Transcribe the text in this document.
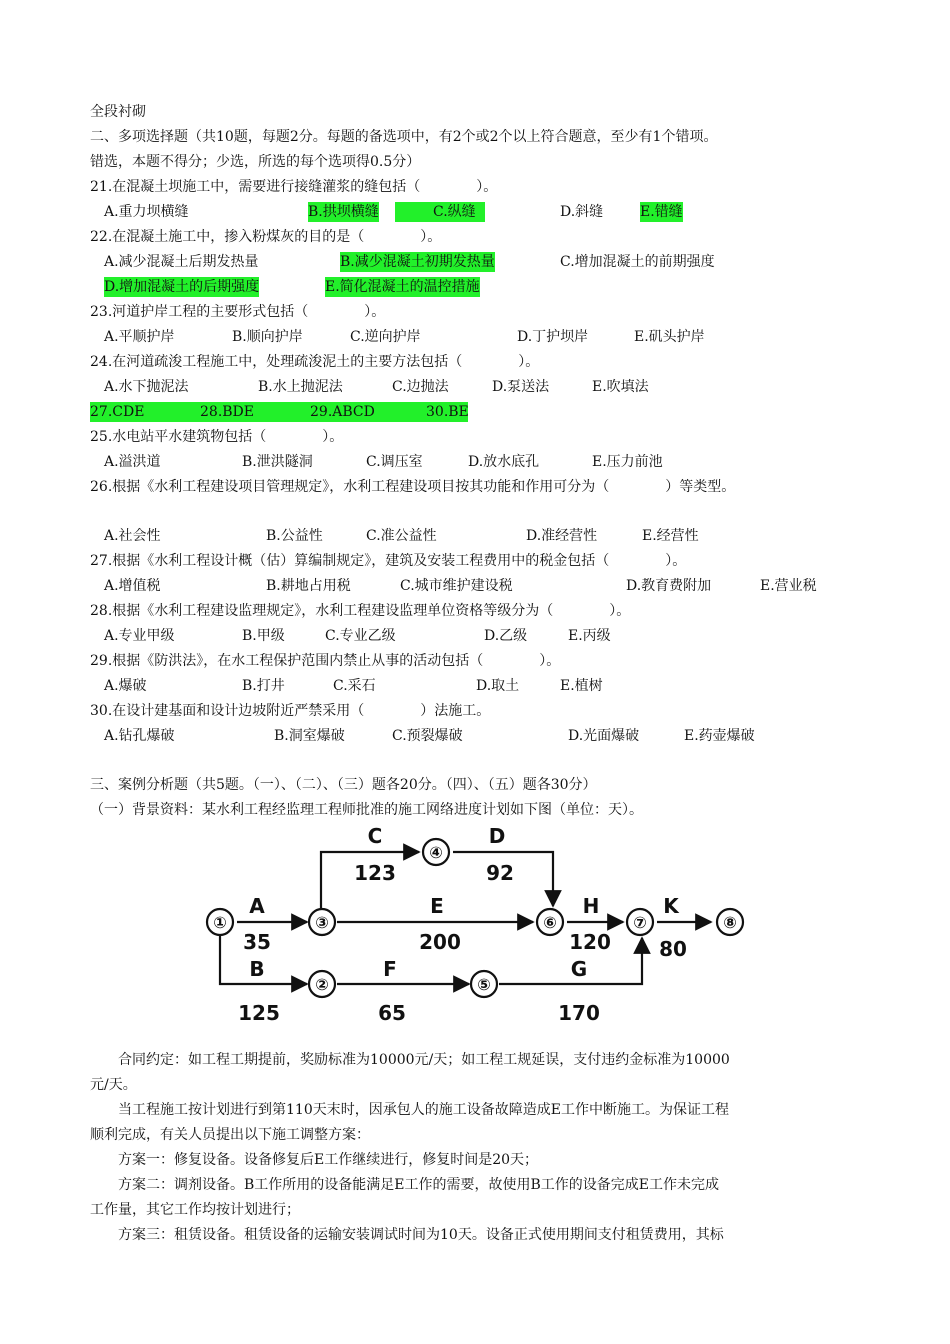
全段衬砌
二、多项选择题（共10题，每题2分。每题的备选项中，有2个或2个以上符合题意，至少有1个错项。
错选，本题不得分；少选，所选的每个选项得0.5分）
21.在混凝土坝施工中，需要进行接缝灌浆的缝包括（　　　　）。
A.重力坝横缝	B.拱坝横缝	C.纵缝	D.斜缝	E.错缝
22.在混凝土施工中，掺入粉煤灰的目的是（　　　　）。
A.减少混凝土后期发热量	B.减少混凝土初期发热量	C.增加混凝土的前期强度
D.增加混凝土的后期强度	E.简化混凝土的温控措施
23.河道护岸工程的主要形式包括（　　　　）。
A.平顺护岸	B.顺向护岸	C.逆向护岸	D.丁护坝岸	E.矶头护岸
24.在河道疏浚工程施工中，处理疏浚泥土的主要方法包括（　　　　）。
A.水下抛泥法	B.水上抛泥法	C.边抛法	D.泵送法	E.吹填法
27.CDE	28.BDE	29.ABCD	30.BE
25.水电站平水建筑物包括（　　　　）。
A.溢洪道	B.泄洪隧洞	C.调压室	D.放水底孔	E.压力前池
26.根据《水利工程建设项目管理规定》，水利工程建设项目按其功能和作用可分为（　　　　）等类型。
A.社会性	B.公益性	C.准公益性	D.准经营性	E.经营性
27.根据《水利工程设计概（估）算编制规定》，建筑及安装工程费用中的税金包括（　　　　）。
A.增值税	B.耕地占用税	C.城市维护建设税	D.教育费附加	E.营业税
28.根据《水利工程建设监理规定》，水利工程建设监理单位资格等级分为（　　　　）。
A.专业甲级	B.甲级	C.专业乙级	D.乙级	E.丙级
29.根据《防洪法》，在水工程保护范围内禁止从事的活动包括（　　　　）。
A.爆破	B.打井	C.采石	D.取土	E.植树
30.在设计建基面和设计边坡附近严禁采用（　　　　）法施工。
A.钻孔爆破	B.洞室爆破	C.预裂爆破	D.光面爆破	E.药壶爆破
三、案例分析题（共5题。（一）、（二）、（三）题各20分。（四）、（五）题各30分）
（一）背景资料：某水利工程经监理工程师批准的施工网络进度计划如下图（单位：天）。
①
②
③
④
⑤
⑥	⑦	⑧
A
35
B
125
C
123
D
92
E
200
F
65
G
170
H
120
K
80
合同约定：如工程工期提前，奖励标准为10000元/天；如工程工规延误，支付违约金标准为10000
元/天。
当工程施工按计划进行到第110天末时，因承包人的施工设备故障造成E工作中断施工。为保证工程
顺利完成，有关人员提出以下施工调整方案：
方案一：修复设备。设备修复后E工作继续进行，修复时间是20天；
方案二：调剂设备。B工作所用的设备能满足E工作的需要，故使用B工作的设备完成E工作未完成
工作量，其它工作均按计划进行；
方案三：租赁设备。租赁设备的运输安装调试时间为10天。设备正式使用期间支付租赁费用，其标
